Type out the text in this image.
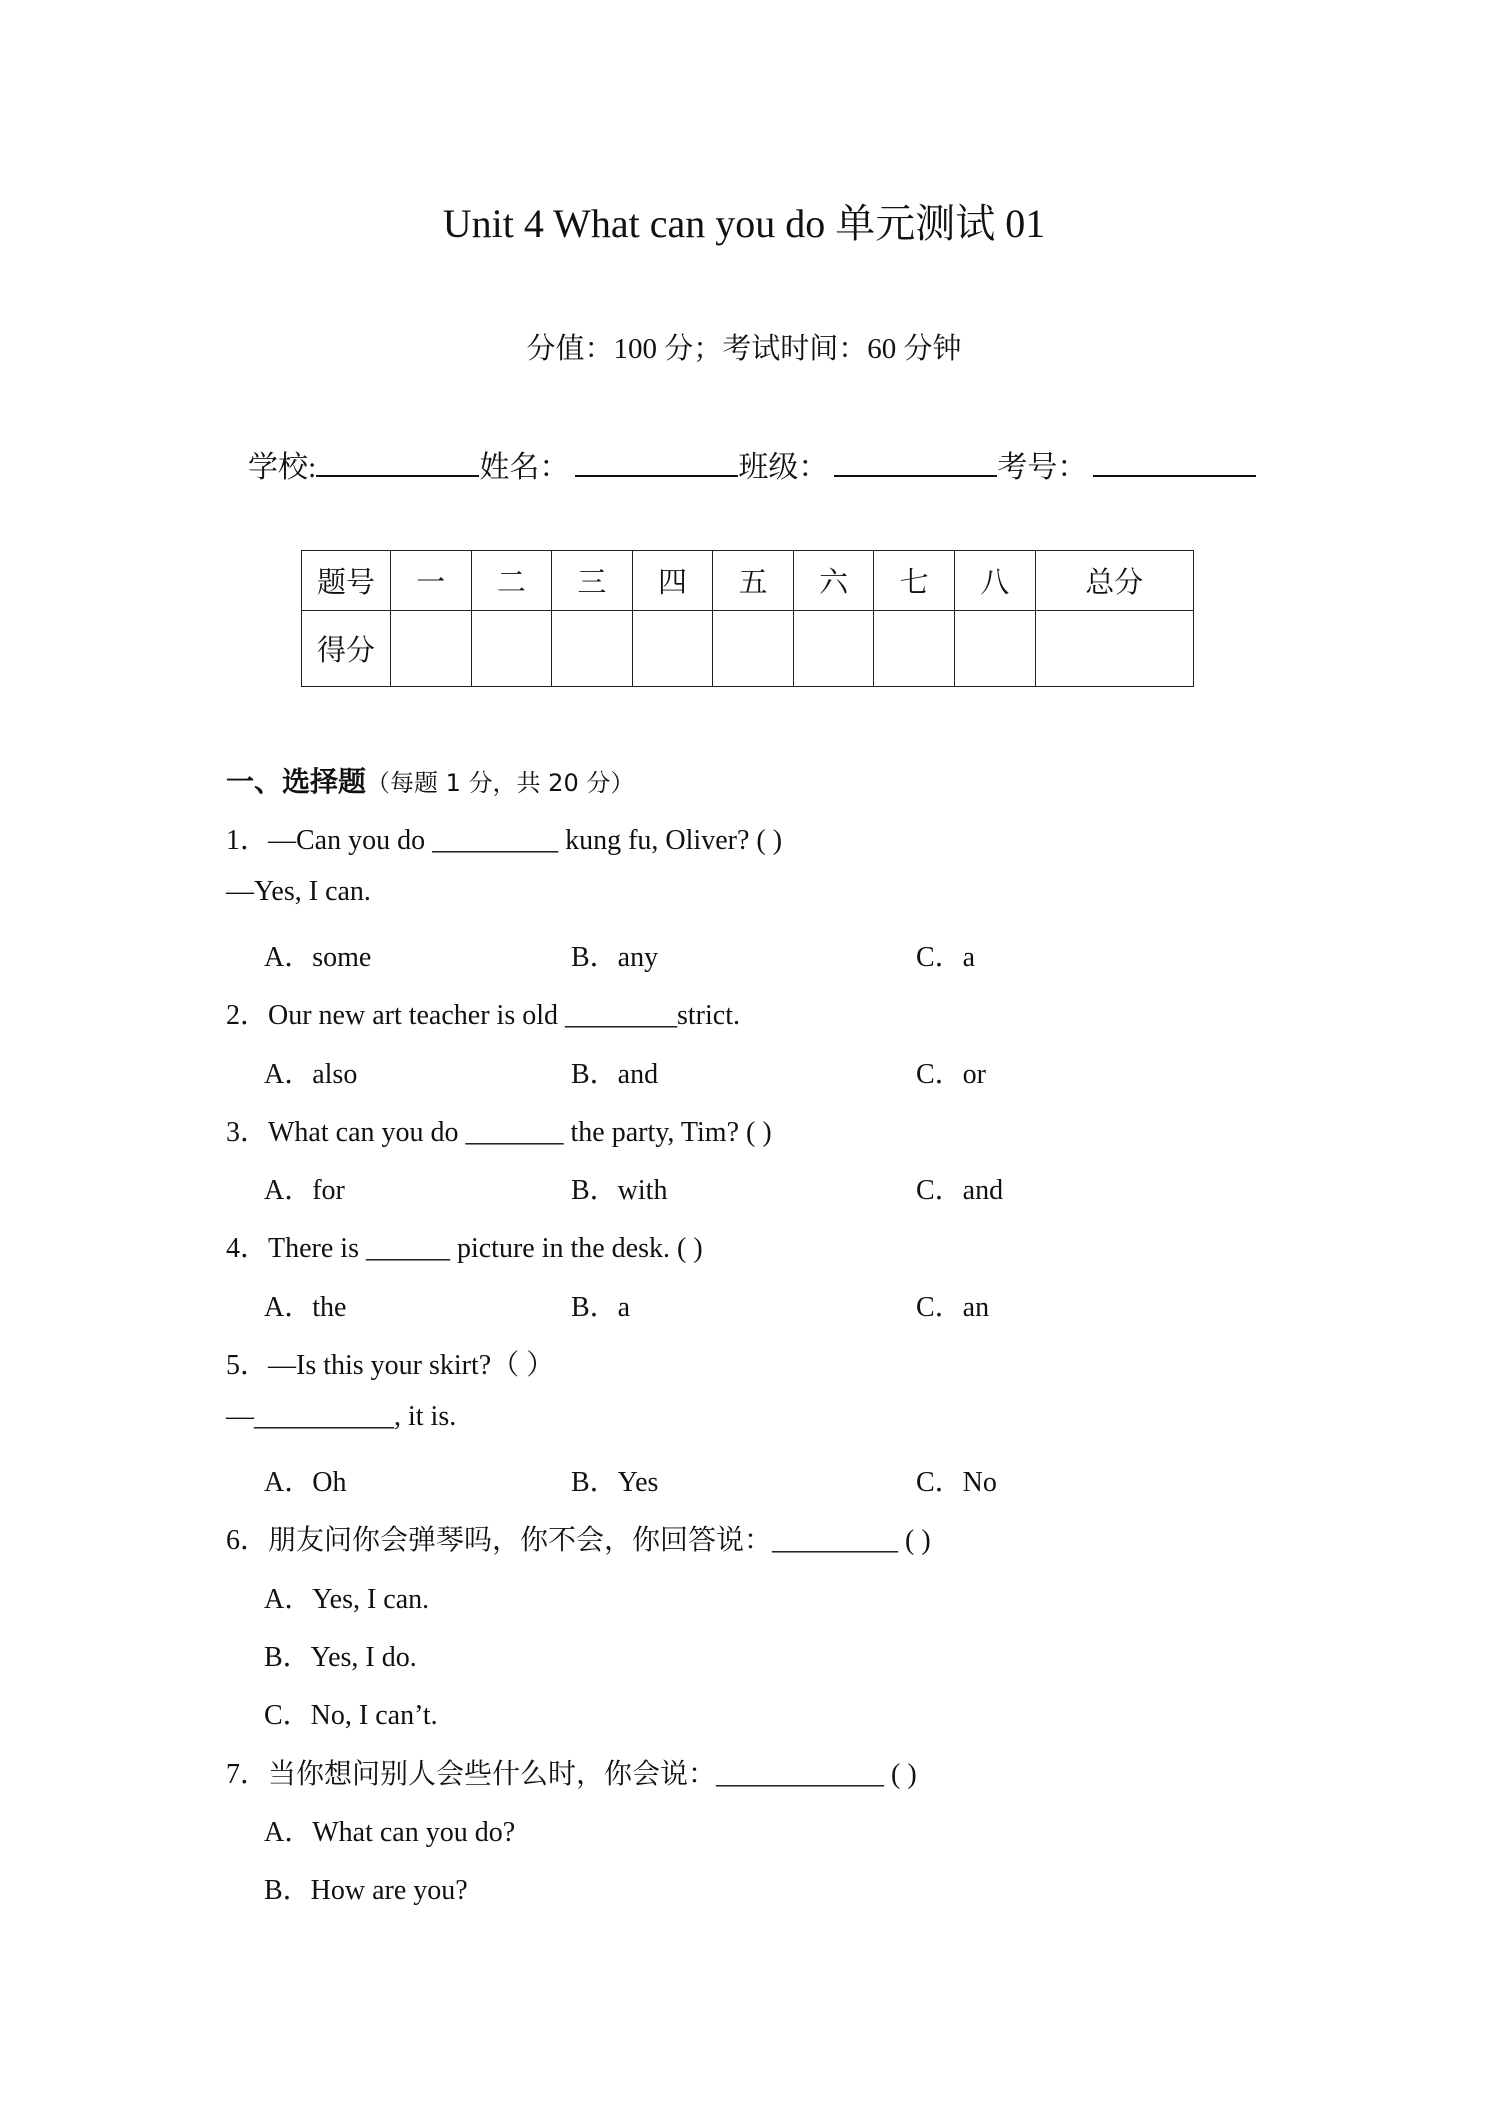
Unit 4 What can you do 单元测试 01
分值：100 分；考试时间：60 分钟
学校:	姓名：	班级：	考号：
题号	一	二	三	四	五	六	七	八	总分
得分									
一、选择题（每题 1 分，共 20 分）
1．—Can you do _________ kung fu, Oliver? ( )
—Yes, I can.
A．some	B．any	C．a
2．Our new art teacher is old ________strict.
A．also	B．and	C．or
3．What can you do _______ the party, Tim? ( )
A．for	B．with	C．and
4．There is ______ picture in the desk. ( )
A．the	B．a	C．an
5．—Is this your skirt?（ ）
—__________, it is.
A．Oh	B．Yes	C．No
6．朋友问你会弹琴吗，你不会，你回答说：_________ ( )
A．Yes, I can.
B．Yes, I do.
C．No, I can’t.
7．当你想问别人会些什么时，你会说：____________ ( )
A．What can you do?
B．How are you?
